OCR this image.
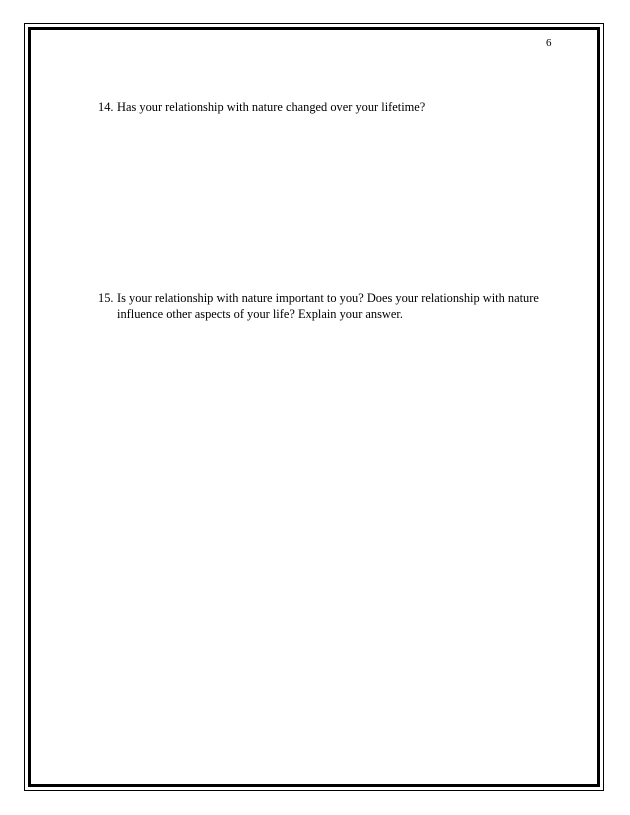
6
14. Has your relationship with nature changed over your lifetime?
15. Is your relationship with nature important to you? Does your relationship with nature
influence other aspects of your life? Explain your answer.
